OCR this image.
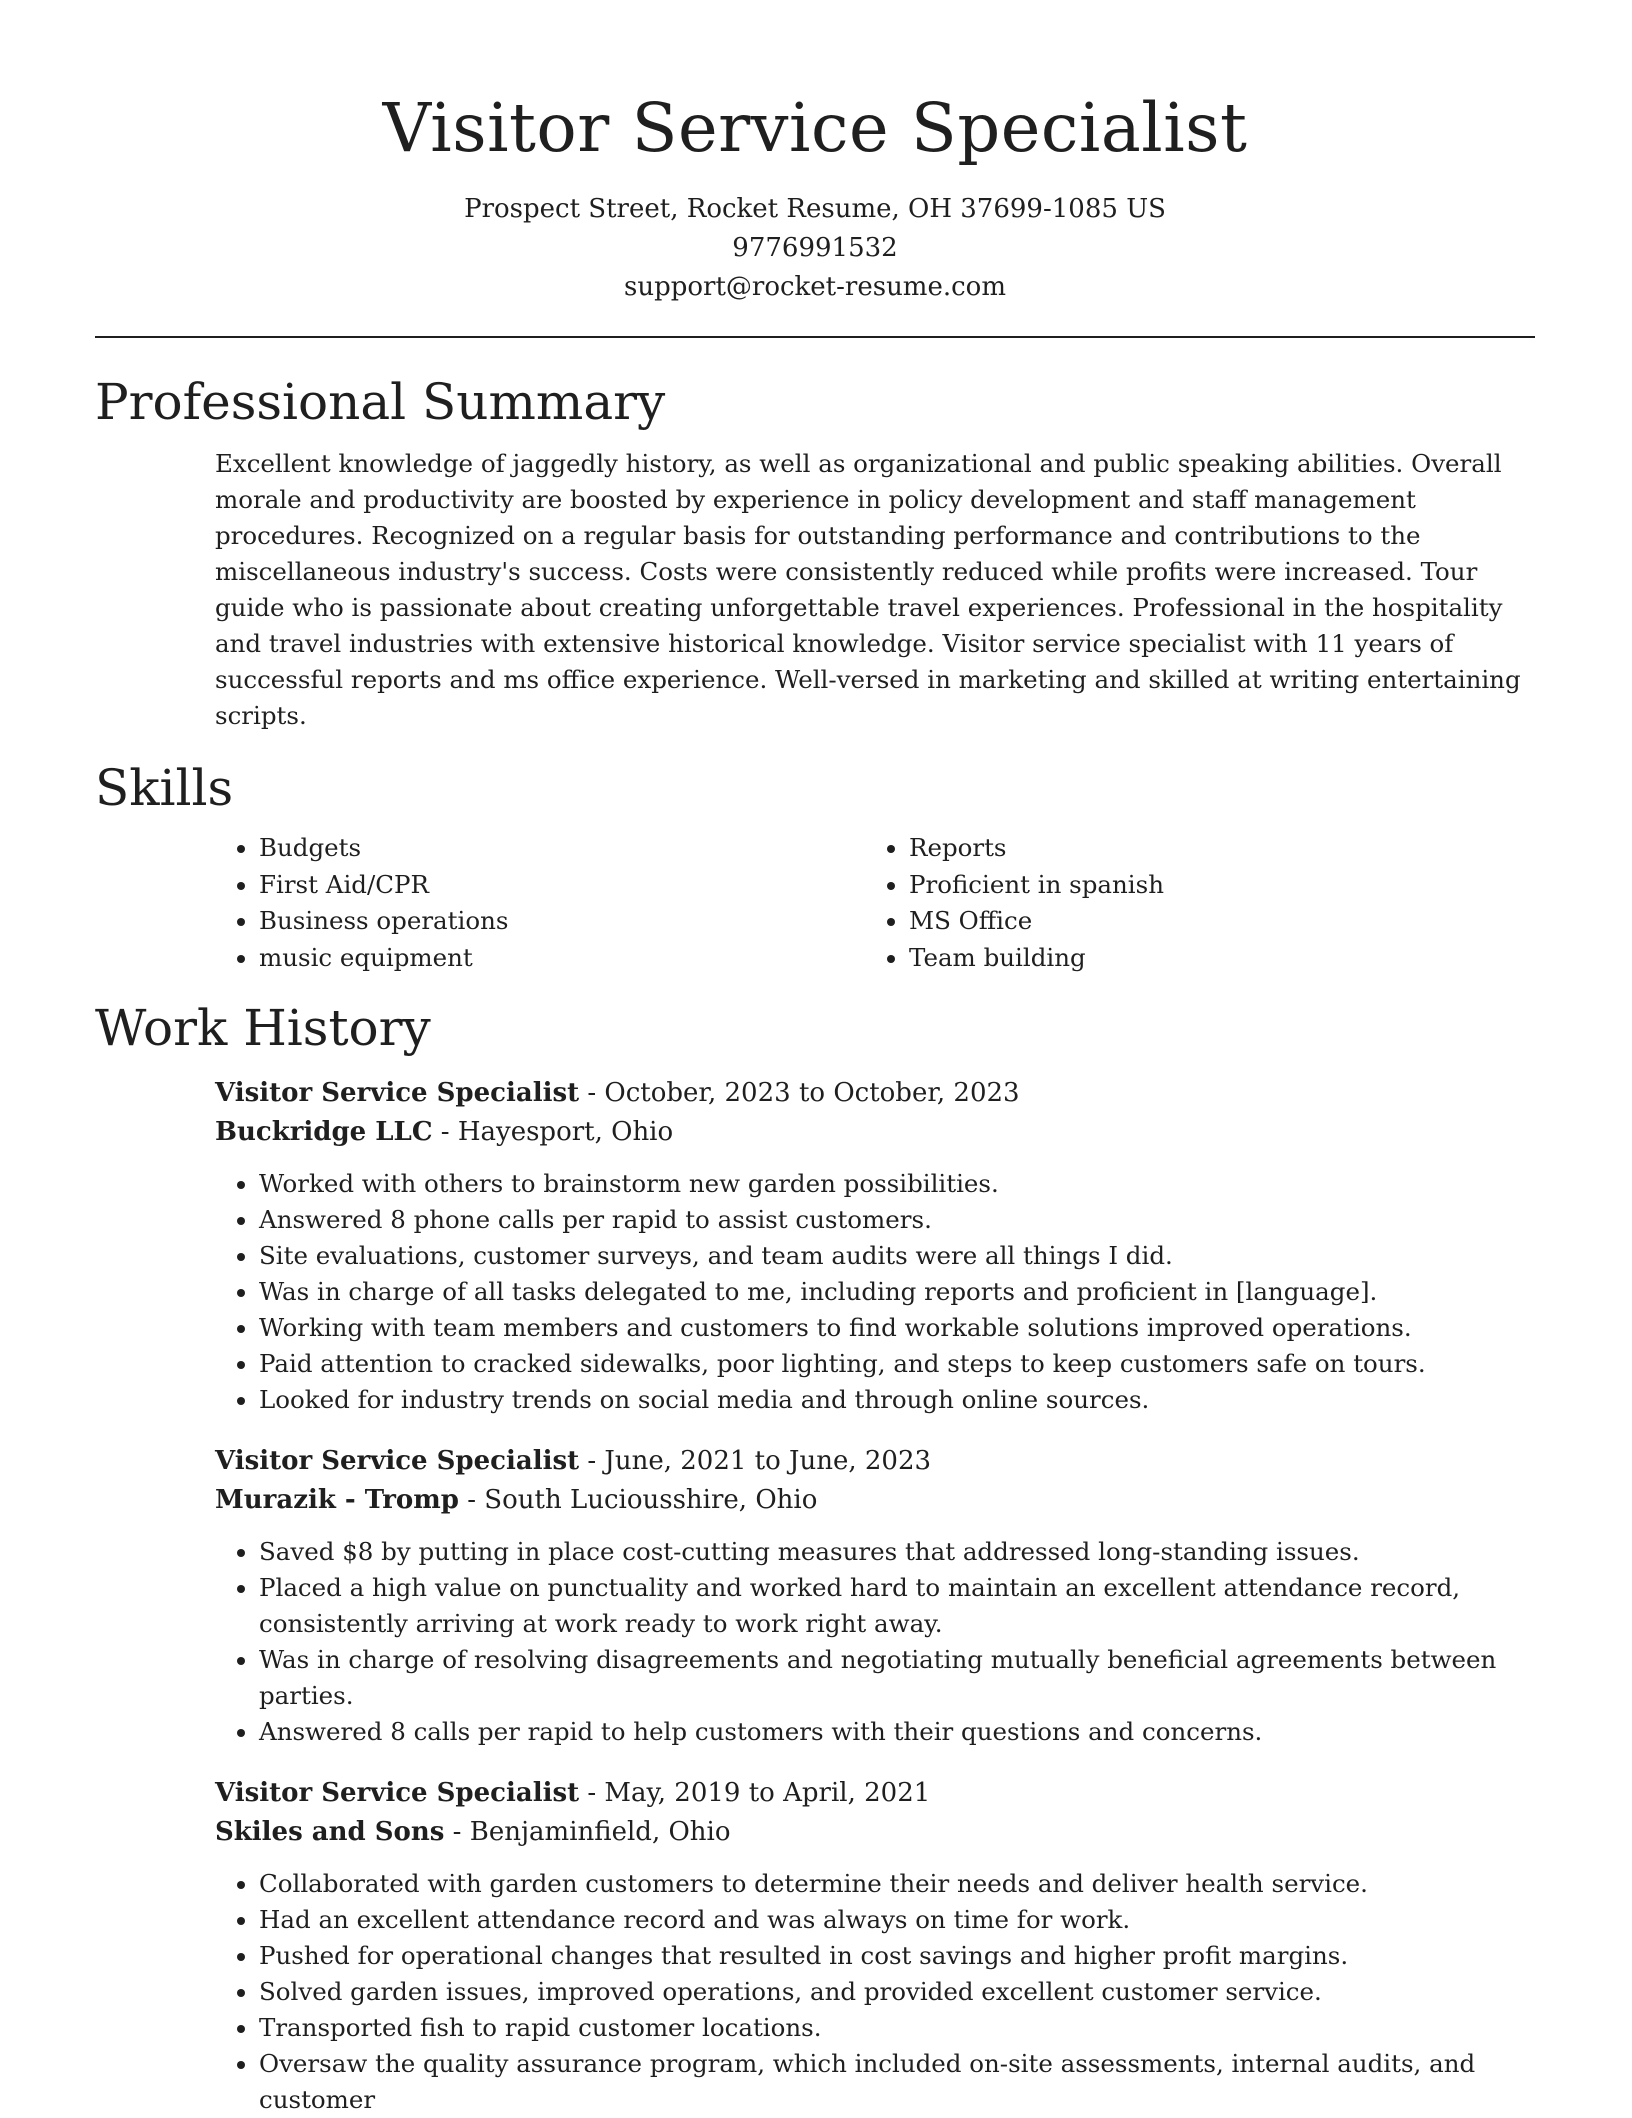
Visitor Service Specialist
Prospect Street, Rocket Resume, OH 37699-1085 US
9776991532
support@rocket-resume.com
Professional Summary
Excellent knowledge of jaggedly history, as well as organizational and public speaking abilities. Overall morale and productivity are boosted by experience in policy development and staff management procedures. Recognized on a regular basis for outstanding performance and contributions to the miscellaneous industry's success. Costs were consistently reduced while profits were increased. Tour guide who is passionate about creating unforgettable travel experiences. Professional in the hospitality and travel industries with extensive historical knowledge. Visitor service specialist with 11 years of successful reports and ms office experience. Well-versed in marketing and skilled at writing entertaining scripts.
Skills
• Budgets
• First Aid/CPR
• Business operations
• music equipment
• Reports
• Proficient in spanish
• MS Office
• Team building
Work History
Visitor Service Specialist - October, 2023 to October, 2023
Buckridge LLC - Hayesport, Ohio
• Worked with others to brainstorm new garden possibilities.
• Answered 8 phone calls per rapid to assist customers.
• Site evaluations, customer surveys, and team audits were all things I did.
• Was in charge of all tasks delegated to me, including reports and proficient in [language].
• Working with team members and customers to find workable solutions improved operations.
• Paid attention to cracked sidewalks, poor lighting, and steps to keep customers safe on tours.
• Looked for industry trends on social media and through online sources.
Visitor Service Specialist - June, 2021 to June, 2023
Murazik - Tromp - South Luciousshire, Ohio
• Saved $8 by putting in place cost-cutting measures that addressed long-standing issues.
• Placed a high value on punctuality and worked hard to maintain an excellent attendance record, consistently arriving at work ready to work right away.
• Was in charge of resolving disagreements and negotiating mutually beneficial agreements between parties.
• Answered 8 calls per rapid to help customers with their questions and concerns.
Visitor Service Specialist - May, 2019 to April, 2021
Skiles and Sons - Benjaminfield, Ohio
• Collaborated with garden customers to determine their needs and deliver health service.
• Had an excellent attendance record and was always on time for work.
• Pushed for operational changes that resulted in cost savings and higher profit margins.
• Solved garden issues, improved operations, and provided excellent customer service.
• Transported fish to rapid customer locations.
• Oversaw the quality assurance program, which included on-site assessments, internal audits, and customer
